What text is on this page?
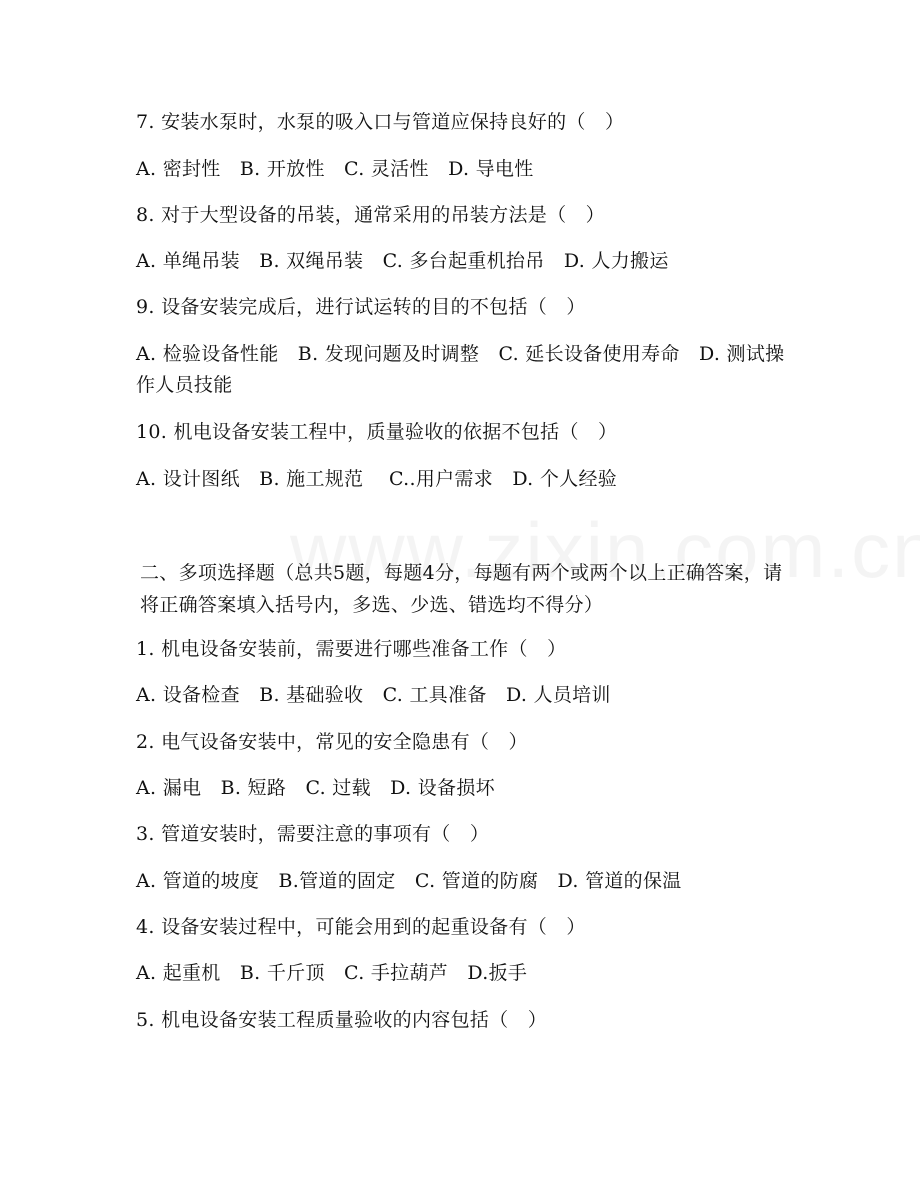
7. 安装水泵时，水泵的吸入口与管道应保持良好的（　）
A. 密封性　B. 开放性　C. 灵活性　D. 导电性
8. 对于大型设备的吊装，通常采用的吊装方法是（　）
A. 单绳吊装　B. 双绳吊装　C. 多台起重机抬吊　D. 人力搬运
9. 设备安装完成后，进行试运转的目的不包括（　）
A. 检验设备性能　B. 发现问题及时调整　C. 延长设备使用寿命　D. 测试操作人员技能
10. 机电设备安装工程中，质量验收的依据不包括（　）
A. 设计图纸　B. 施工规范　 C..用户需求　D. 个人经验
二、多项选择题（总共5题，每题4分，每题有两个或两个以上正确答案，请将正确答案填入括号内，多选、少选、错选均不得分）
1. 机电设备安装前，需要进行哪些准备工作（　）
A. 设备检查　B. 基础验收　C. 工具准备　D. 人员培训
2. 电气设备安装中，常见的安全隐患有（　）
A. 漏电　B. 短路　C. 过载　D. 设备损坏
3. 管道安装时，需要注意的事项有（　）
A. 管道的坡度　B.管道的固定　C. 管道的防腐　D. 管道的保温
4. 设备安装过程中，可能会用到的起重设备有（　）
A. 起重机　B. 千斤顶　C. 手拉葫芦　D.扳手
5. 机电设备安装工程质量验收的内容包括（　）
